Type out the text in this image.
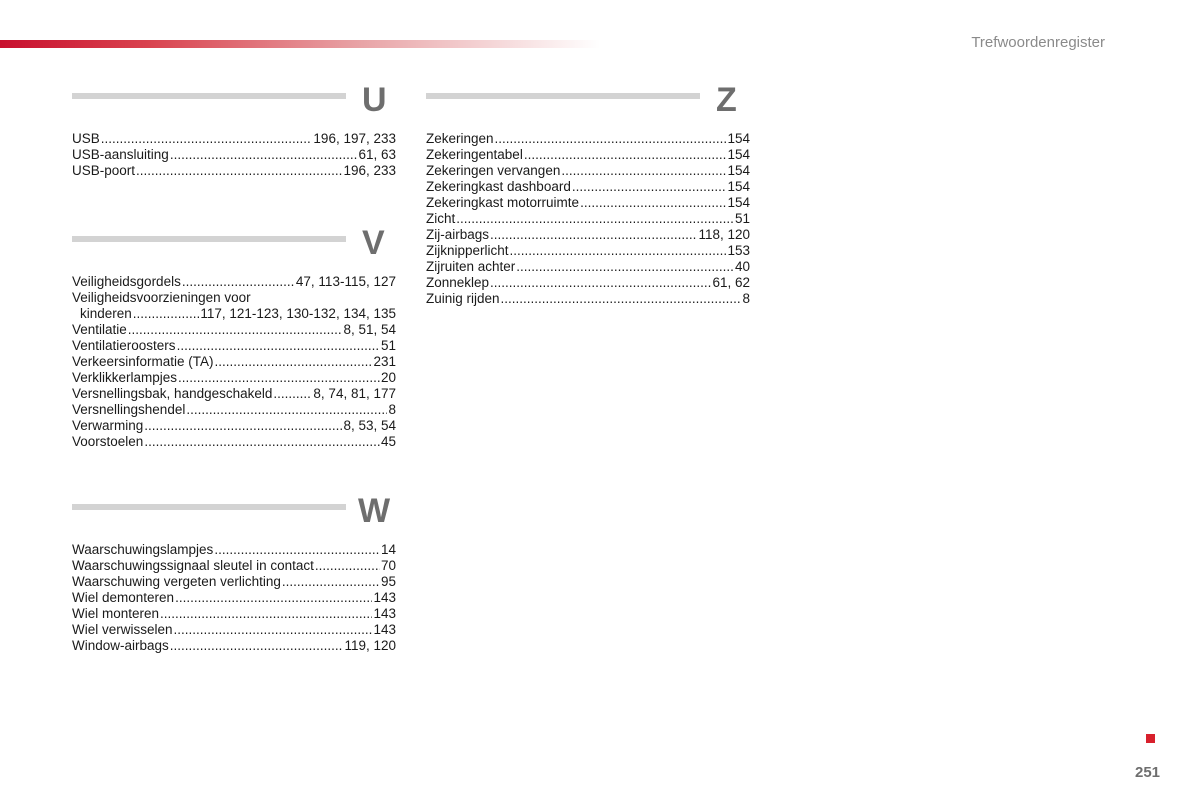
Trefwoordenregister
U
USB .....	196, 197, 233
USB-aansluiting .....	61, 63
USB-poort .....	196, 233
V
Veiligheidsgordels .....	47, 113-115, 127
Veiligheidsvoorzieningen voor
kinderen .....	117, 121-123, 130-132, 134, 135
Ventilatie .....	8, 51, 54
Ventilatieroosters .....	51
Verkeersinformatie (TA) .....	231
Verklikkerlampjes .....	20
Versnellingsbak, handgeschakeld .....	8, 74, 81, 177
Versnellingshendel .....	8
Verwarming .....	8, 53, 54
Voorstoelen .....	45
W
Waarschuwingslampjes .....	14
Waarschuwingssignaal sleutel in contact .....	70
Waarschuwing vergeten verlichting .....	95
Wiel demonteren .....	143
Wiel monteren .....	143
Wiel verwisselen .....	143
Window-airbags .....	119, 120
Z
Zekeringen .....	154
Zekeringentabel .....	154
Zekeringen vervangen .....	154
Zekeringkast dashboard .....	154
Zekeringkast motorruimte .....	154
Zicht .....	51
Zij-airbags .....	118, 120
Zijknipperlicht .....	153
Zijruiten achter .....	40
Zonneklep .....	61, 62
Zuinig rijden .....	8
251
